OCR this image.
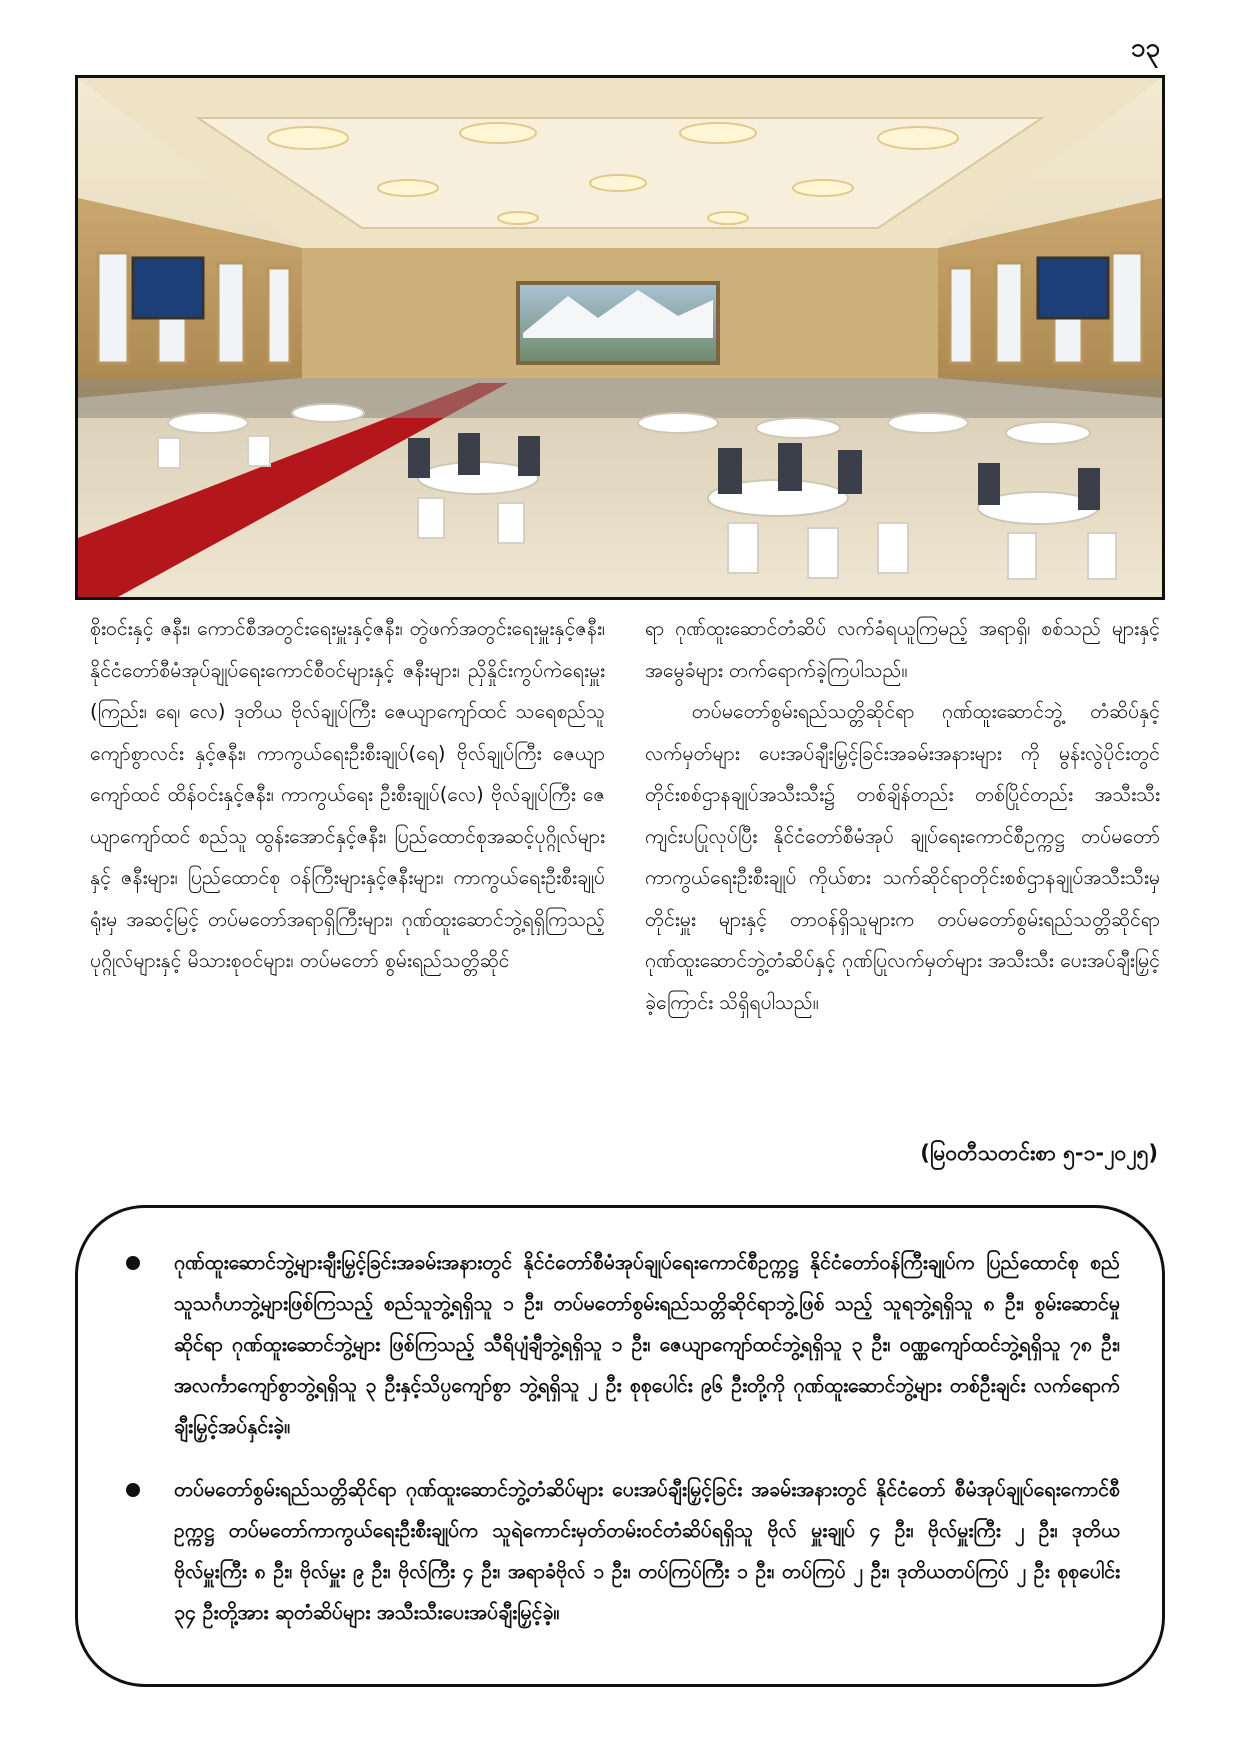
၁၃

စိုးဝင်းနှင့် ဇနီး၊ ကောင်စီအတွင်းရေးမှူးနှင့်ဇနီး၊ တွဲဖက်အတွင်းရေးမှူးနှင့်ဇနီး၊ နိုင်ငံတော်စီမံအုပ်ချုပ်ရေးကောင်စီဝင်များနှင့် ဇနီးများ၊ ညှိနှိုင်းကွပ်ကဲရေးမှူး (ကြည်း၊ ရေ၊ လေ) ဒုတိယ ဗိုလ်ချုပ်ကြီး ဇေယျာကျော်ထင် သရေစည်သူ ကျော်စွာလင်း နှင့်ဇနီး၊ ကာကွယ်ရေးဦးစီးချုပ်(ရေ) ဗိုလ်ချုပ်ကြီး ဇေယျာ ကျော်ထင် ထိန်ဝင်းနှင့်ဇနီး၊ ကာကွယ်ရေး ဦးစီးချုပ်(လေ) ဗိုလ်ချုပ်ကြီး ဇေယျာကျော်ထင် စည်သူ ထွန်းအောင်နှင့်ဇနီး၊ ပြည်ထောင်စုအဆင့်ပုဂ္ဂိုလ်များနှင့် ဇနီးများ၊ ပြည်ထောင်စု ဝန်ကြီးများနှင့်ဇနီးများ၊ ကာကွယ်ရေးဦးစီးချုပ်ရုံးမှ အဆင့်မြင့် တပ်မတော်အရာရှိကြီးများ၊ ဂုဏ်ထူးဆောင်ဘွဲ့ရရှိကြသည့် ပုဂ္ဂိုလ်များနှင့် မိသားစုဝင်များ၊ တပ်မတော် စွမ်းရည်သတ္တိဆိုင်

ရာ ဂုဏ်ထူးဆောင်တံဆိပ် လက်ခံရယူကြမည့် အရာရှိ၊ စစ်သည် များနှင့် အမွေခံများ တက်ရောက်ခဲ့ကြပါသည်။

တပ်မတော်စွမ်းရည်သတ္တိဆိုင်ရာ ဂုဏ်ထူးဆောင်ဘွဲ့ တံဆိပ်နှင့် လက်မှတ်များ ပေးအပ်ချီးမြှင့်ခြင်းအခမ်းအနားများ ကို မွန်းလွဲပိုင်းတွင် တိုင်းစစ်ဌာနချုပ်အသီးသီး၌ တစ်ချိန်တည်း တစ်ပြိုင်တည်း အသီးသီးကျင်းပပြုလုပ်ပြီး နိုင်ငံတော်စီမံအုပ် ချုပ်ရေးကောင်စီဥက္ကဋ္ဌ တပ်မတော်ကာကွယ်ရေးဦးစီးချုပ် ကိုယ်စား သက်ဆိုင်ရာတိုင်းစစ်ဌာနချုပ်အသီးသီးမှ တိုင်းမှူး များနှင့် တာဝန်ရှိသူများက တပ်မတော်စွမ်းရည်သတ္တိဆိုင်ရာ ဂုဏ်ထူးဆောင်ဘွဲ့တံဆိပ်နှင့် ဂုဏ်ပြုလက်မှတ်များ အသီးသီး ပေးအပ်ချီးမြှင့်ခဲ့ကြောင်း သိရှိရပါသည်။

(မြဝတီသတင်းစာ ၅-၁-၂၀၂၅)
ဂုဏ်ထူးဆောင်ဘွဲ့များချီးမြှင့်ခြင်းအခမ်းအနားတွင် နိုင်ငံတော်စီမံအုပ်ချုပ်ရေးကောင်စီဥက္ကဋ္ဌ နိုင်ငံတော်ဝန်ကြီးချုပ်က ပြည်ထောင်စု စည်သူသင်္ဂဟဘွဲ့များဖြစ်ကြသည့် စည်သူဘွဲ့ရရှိသူ ၁ ဦး၊ တပ်မတော်စွမ်းရည်သတ္တိဆိုင်ရာဘွဲ့ဖြစ် သည့် သူရဘွဲ့ရရှိသူ ၈ ဦး၊ စွမ်းဆောင်မှုဆိုင်ရာ ဂုဏ်ထူးဆောင်ဘွဲ့များ ဖြစ်ကြသည့် သီရိပျံချီဘွဲ့ရရှိသူ ၁ ဦး၊ ဇေယျာကျော်ထင်ဘွဲ့ရရှိသူ ၃ ဦး၊ ဝဏ္ဏကျော်ထင်ဘွဲ့ရရှိသူ ၇၈ ဦး၊ အလင်္ကာကျော်စွာဘွဲ့ရရှိသူ ၃ ဦးနှင့်သိပ္ပကျော်စွာ ဘွဲ့ရရှိသူ ၂ ဦး စုစုပေါင်း ၉၆ ဦးတို့ကို ဂုဏ်ထူးဆောင်ဘွဲ့များ တစ်ဦးချင်း လက်ရောက်ချီးမြှင့်အပ်နှင်းခဲ့။
တပ်မတော်စွမ်းရည်သတ္တိဆိုင်ရာ ဂုဏ်ထူးဆောင်ဘွဲ့တံဆိပ်များ ပေးအပ်ချီးမြှင့်ခြင်း အခမ်းအနားတွင် နိုင်ငံတော် စီမံအုပ်ချုပ်ရေးကောင်စီဥက္ကဋ္ဌ တပ်မတော်ကာကွယ်ရေးဦးစီးချုပ်က သူရဲကောင်းမှတ်တမ်းဝင်တံဆိပ်ရရှိသူ ဗိုလ် မှူးချုပ် ၄ ဦး၊ ဗိုလ်မှူးကြီး ၂ ဦး၊ ဒုတိယ ဗိုလ်မှူးကြီး ၈ ဦး၊ ဗိုလ်မှူး ၉ ဦး၊ ဗိုလ်ကြီး ၄ ဦး၊ အရာခံဗိုလ် ၁ ဦး၊ တပ်ကြပ်ကြီး ၁ ဦး၊ တပ်ကြပ် ၂ ဦး၊ ဒုတိယတပ်ကြပ် ၂ ဦး စုစုပေါင်း ၃၄ ဦးတို့အား ဆုတံဆိပ်များ အသီးသီးပေးအပ်ချီးမြှင့်ခဲ့။
